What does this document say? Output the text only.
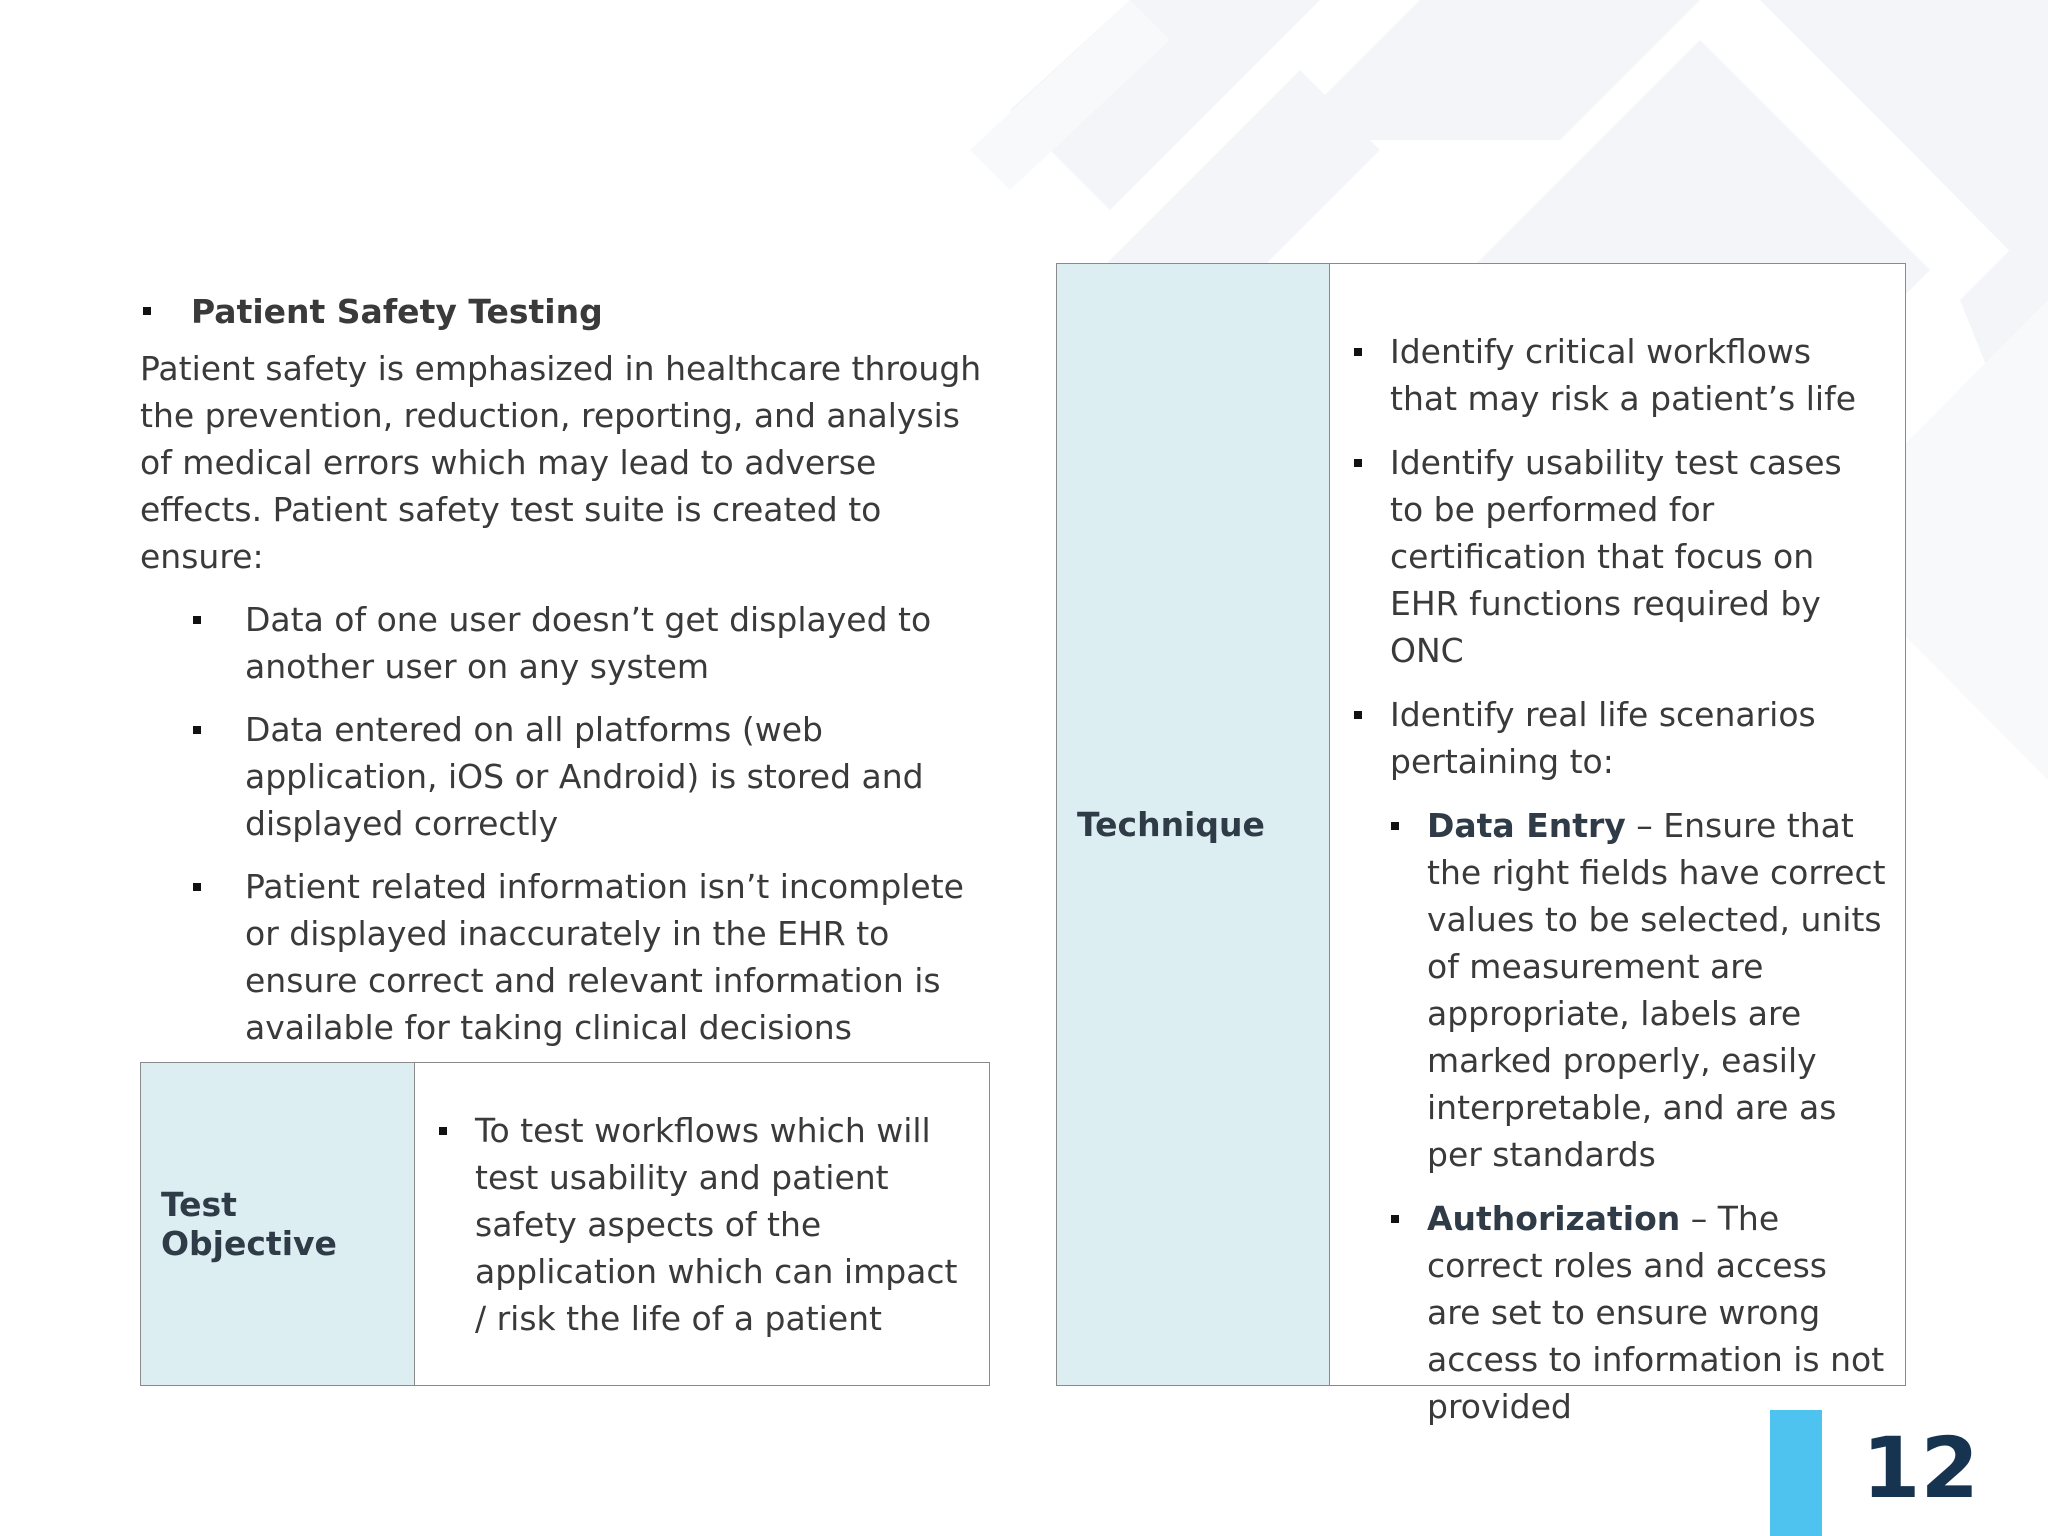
Patient Safety Testing

Patient safety is emphasized in healthcare through the prevention, reduction, reporting, and analysis of medical errors which may lead to adverse effects. Patient safety test suite is created to ensure:

Data of one user doesn’t get displayed to another user on any system
Data entered on all platforms (web application, iOS or Android) is stored and displayed correctly
Patient related information isn’t incomplete or displayed inaccurately in the EHR to ensure correct and relevant information is available for taking clinical decisions
Test Objective
To test workflows which will test usability and patient safety aspects of the application which can impact / risk the life of a patient
Technique
Identify critical workflows that may risk a patient’s life
Identify usability test cases to be performed for certification that focus on EHR functions required by ONC
Identify real life scenarios pertaining to:
Data Entry – Ensure that the right fields have correct values to be selected, units of measurement are appropriate, labels are marked properly, easily interpretable, and are as per standards
Authorization – The correct roles and access are set to ensure wrong access to information is not provided
12
